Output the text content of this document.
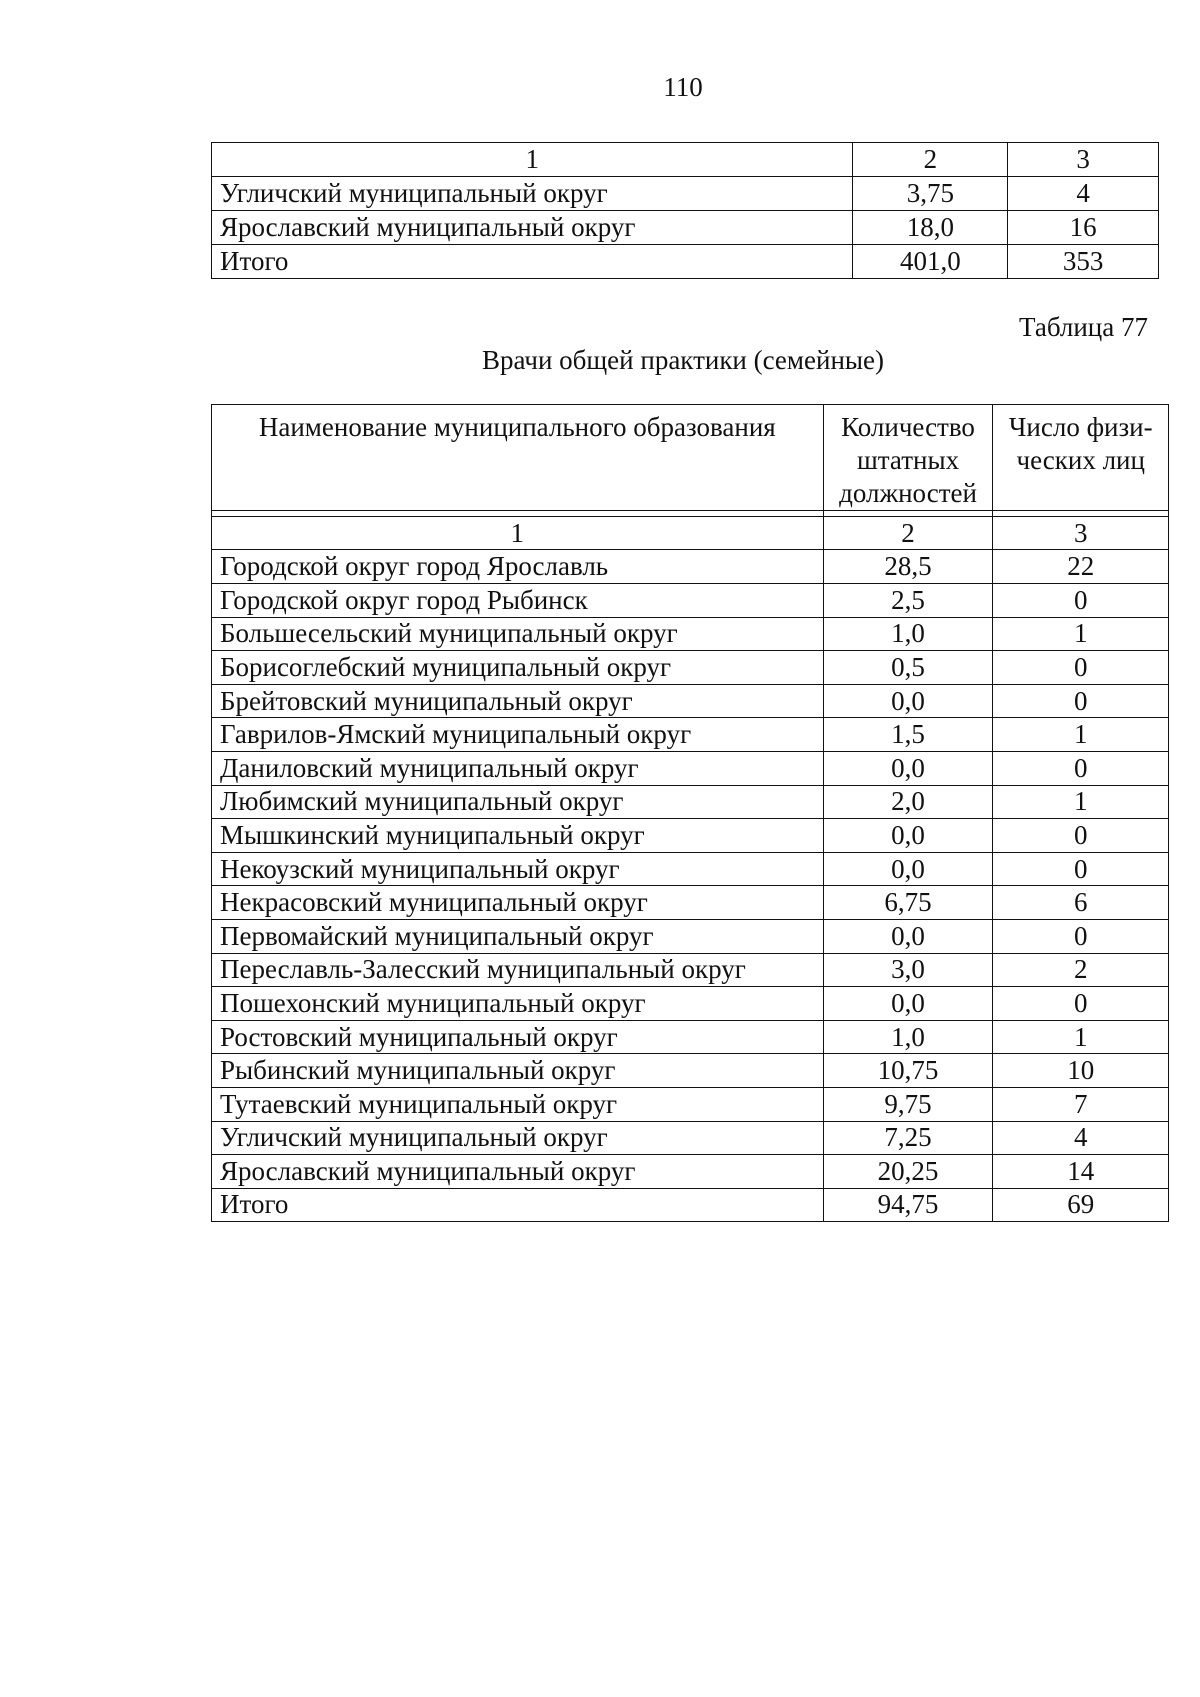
110
1	2	3
Угличский муниципальный округ	3,75	4
Ярославский муниципальный округ	18,0	16
Итого	401,0	353
Таблица 77
Врачи общей практики (семейные)
Наименование муниципального образования	Количество штатных должностей	Число физи-ческих лиц

1	2	3
Городской округ город Ярославль	28,5	22
Городской округ город Рыбинск	2,5	0
Большесельский муниципальный округ	1,0	1
Борисоглебский муниципальный округ	0,5	0
Брейтовский муниципальный округ	0,0	0
Гаврилов-Ямский муниципальный округ	1,5	1
Даниловский муниципальный округ	0,0	0
Любимский муниципальный округ	2,0	1
Мышкинский муниципальный округ	0,0	0
Некоузский муниципальный округ	0,0	0
Некрасовский муниципальный округ	6,75	6
Первомайский муниципальный округ	0,0	0
Переславль-Залесский муниципальный округ	3,0	2
Пошехонский муниципальный округ	0,0	0
Ростовский муниципальный округ	1,0	1
Рыбинский муниципальный округ	10,75	10
Тутаевский муниципальный округ	9,75	7
Угличский муниципальный округ	7,25	4
Ярославский муниципальный округ	20,25	14
Итого	94,75	69
